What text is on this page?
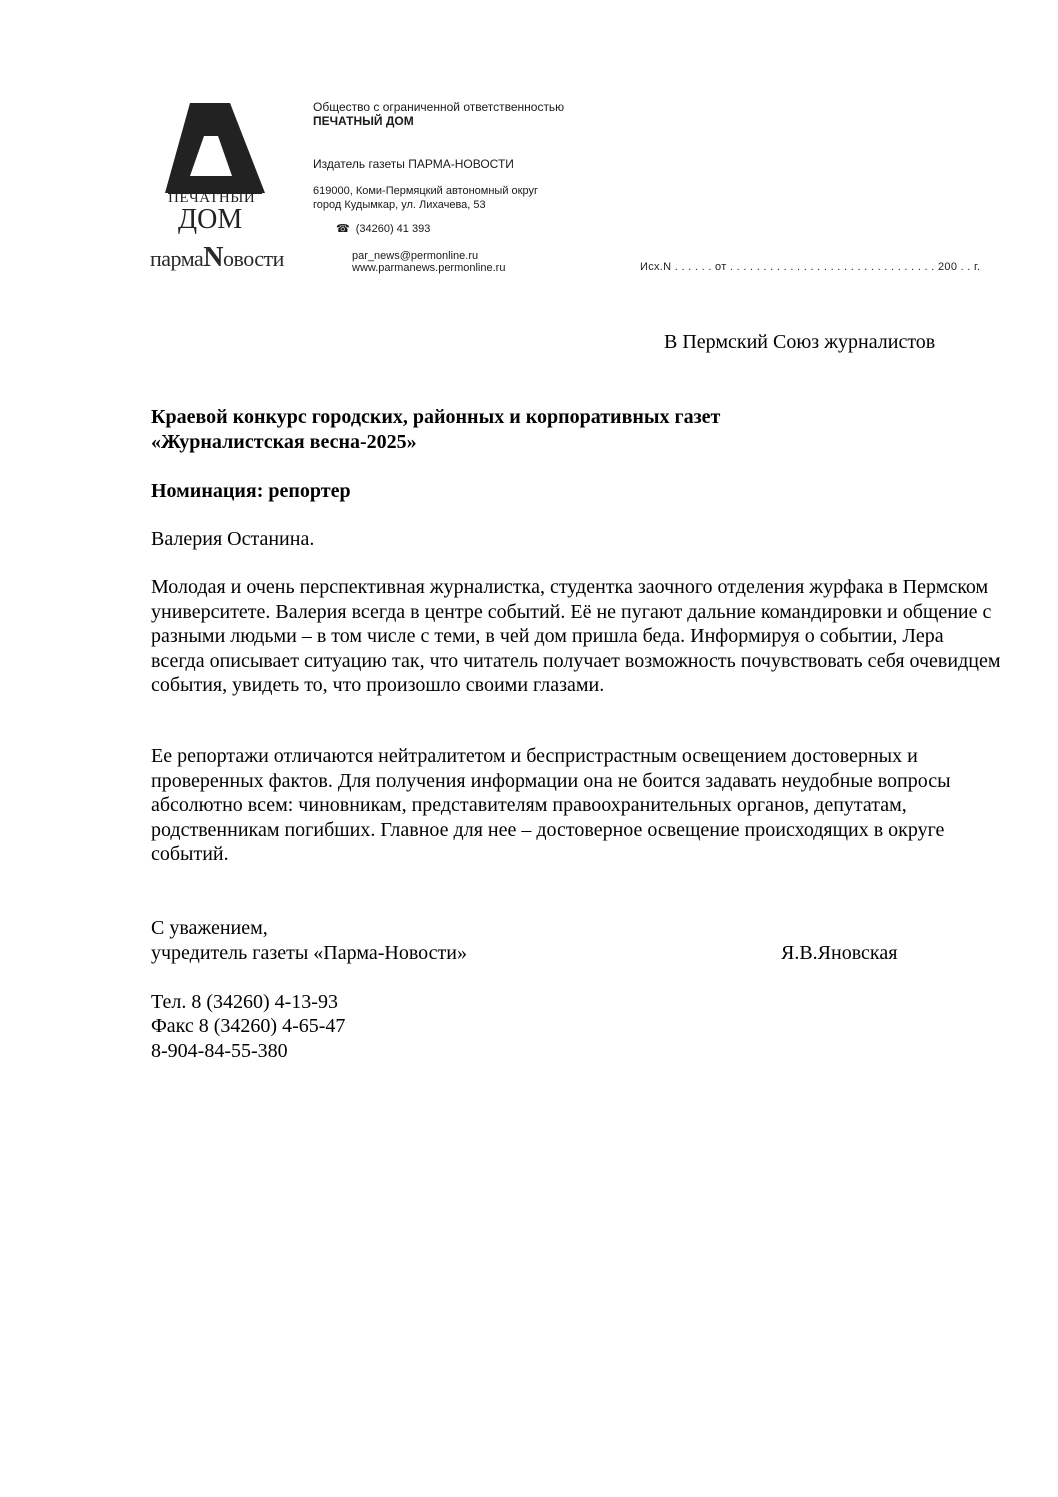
ПЕЧАТНЫЙ
ДОМ
пармаNовости
Общество с ограниченной ответственностью
ПЕЧАТНЫЙ ДОМ
Издатель газеты ПАРМА-НОВОСТИ
619000, Коми-Пермяцкий автономный округ
город Кудымкар, ул. Лихачева, 53
☎ (34260) 41 393
par_news@permonline.ru
www.parmanews.permonline.ru	Исх.N . . . . . . от . . . . . . . . . . . . . . . . . . . . . . . . . . . . . . . 200 . . г.
В Пермский Союз журналистов
Краевой конкурс городских, районных и корпоративных газет
«Журналистская весна-2025»
Номинация: репортер
Валерия Останина.
Молодая и очень перспективная журналистка, студентка заочного отделения журфака в Пермском университете. Валерия всегда в центре событий. Её не пугают дальние командировки и общение с разными людьми – в том числе с теми, в чей дом пришла беда. Информируя о событии, Лера всегда описывает ситуацию так, что читатель получает возможность почувствовать себя очевидцем события, увидеть то, что произошло своими глазами.
Ее репортажи отличаются нейтралитетом и беспристрастным освещением достоверных и проверенных фактов. Для получения информации она не боится задавать неудобные вопросы абсолютно всем: чиновникам, представителям правоохранительных органов, депутатам, родственникам погибших. Главное для нее – достоверное освещение происходящих в округе событий.
С уважением,
учредитель газеты «Парма-Новости»	Я.В.Яновская
Тел. 8 (34260) 4-13-93
Факс 8 (34260) 4-65-47
8-904-84-55-380
